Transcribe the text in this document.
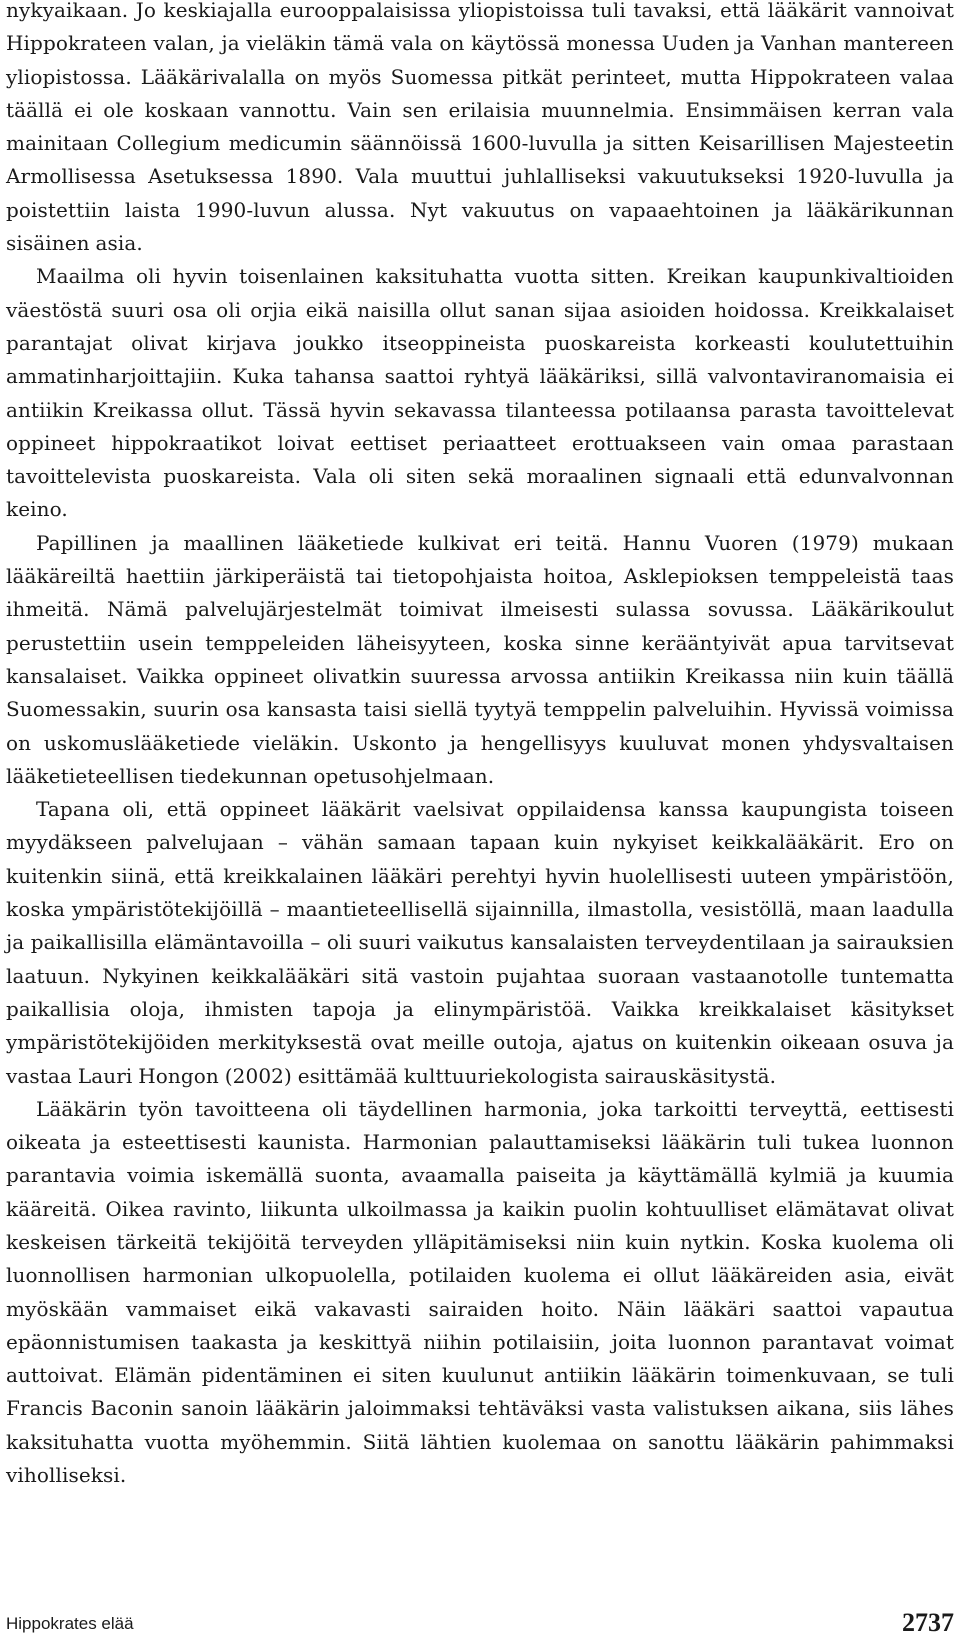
nykyaikaan. Jo keskiajalla eurooppalaisissa yliopistoissa tuli tavaksi, että lääkärit vannoivat Hippokrateen valan, ja vieläkin tämä vala on käytössä monessa Uuden ja Vanhan mantereen yliopistossa. Lääkärivalalla on myös Suomessa pitkät perinteet, mutta Hippokrateen valaa täällä ei ole koskaan vannottu. Vain sen erilaisia muunnelmia. Ensimmäisen kerran vala mainitaan Collegium medicumin säännöissä 1600-luvulla ja sitten Keisarillisen Majesteetin Armollisessa Asetuksessa 1890. Vala muuttui juhlalliseksi vakuutukseksi 1920-luvulla ja poistettiin laista 1990-luvun alussa. Nyt vakuutus on vapaaehtoinen ja lääkärikunnan sisäinen asia.

Maailma oli hyvin toisenlainen kaksituhatta vuotta sitten. Kreikan kaupunkivaltioiden väestöstä suuri osa oli orjia eikä naisilla ollut sanan sijaa asioiden hoidossa. Kreikkalaiset parantajat olivat kirjava joukko itseoppineista puoskareista korkeasti koulutettuihin ammatinharjoittajiin. Kuka tahansa saattoi ryhtyä lääkäriksi, sillä valvontaviranomaisia ei antiikin Kreikassa ollut. Tässä hyvin sekavassa tilanteessa potilaansa parasta tavoittelevat oppineet hippokraatikot loivat eettiset periaatteet erottuakseen vain omaa parastaan tavoittelevista puoskareista. Vala oli siten sekä moraalinen signaali että edunvalvonnan keino.

Papillinen ja maallinen lääketiede kulkivat eri teitä. Hannu Vuoren (1979) mukaan lääkäreiltä haettiin järkiperäistä tai tietopohjaista hoitoa, Asklepioksen temppeleistä taas ihmeitä. Nämä palvelujärjestelmät toimivat ilmeisesti sulassa sovussa. Lääkärikoulut perustettiin usein temppeleiden läheisyyteen, koska sinne kerääntyivät apua tarvitsevat kansalaiset. Vaikka oppineet olivatkin suuressa arvossa antiikin Kreikassa niin kuin täällä Suomessakin, suurin osa kansasta taisi siellä tyytyä temppelin palveluihin. Hyvissä voimissa on uskomuslääketiede vieläkin. Uskonto ja hengellisyys kuuluvat monen yhdysvaltaisen lääketieteellisen tiedekunnan opetusohjelmaan.

Tapana oli, että oppineet lääkärit vaelsivat oppilaidensa kanssa kaupungista toiseen myydäkseen palvelujaan – vähän samaan tapaan kuin nykyiset keikkalääkärit. Ero on kuitenkin siinä, että kreikkalainen lääkäri perehtyi hyvin huolellisesti uuteen ympäristöön, koska ympäristötekijöillä – maantieteellisellä sijainnilla, ilmastolla, vesistöllä, maan laadulla ja paikallisilla elämäntavoilla – oli suuri vaikutus kansalaisten terveydentilaan ja sairauksien laatuun. Nykyinen keikkalääkäri sitä vastoin pujahtaa suoraan vastaanotolle tuntematta paikallisia oloja, ihmisten tapoja ja elinympäristöä. Vaikka kreikkalaiset käsitykset ympäristötekijöiden merkityksestä ovat meille outoja, ajatus on kuitenkin oikeaan osuva ja vastaa Lauri Hongon (2002) esittämää kulttuuriekologista sairauskäsitystä.

Lääkärin työn tavoitteena oli täydellinen harmonia, joka tarkoitti terveyttä, eettisesti oikeata ja esteettisesti kaunista. Harmonian palauttamiseksi lääkärin tuli tukea luonnon parantavia voimia iskemällä suonta, avaamalla paiseita ja käyttämällä kylmiä ja kuumia kääreitä. Oikea ravinto, liikunta ulkoilmassa ja kaikin puolin kohtuulliset elämätavat olivat keskeisen tärkeitä tekijöitä terveyden ylläpitämiseksi niin kuin nytkin. Koska kuolema oli luonnollisen harmonian ulkopuolella, potilaiden kuolema ei ollut lääkäreiden asia, eivät myöskään vammaiset eikä vakavasti sairaiden hoito. Näin lääkäri saattoi vapautua epäonnistumisen taakasta ja keskittyä niihin potilaisiin, joita luonnon parantavat voimat auttoivat. Elämän pidentäminen ei siten kuulunut antiikin lääkärin toimenkuvaan, se tuli Francis Baconin sanoin lääkärin jaloimmaksi tehtäväksi vasta valistuksen aikana, siis lähes kaksituhatta vuotta myöhemmin. Siitä lähtien kuolemaa on sanottu lääkärin pahimmaksi viholliseksi.

Hippokrates elää	2737
